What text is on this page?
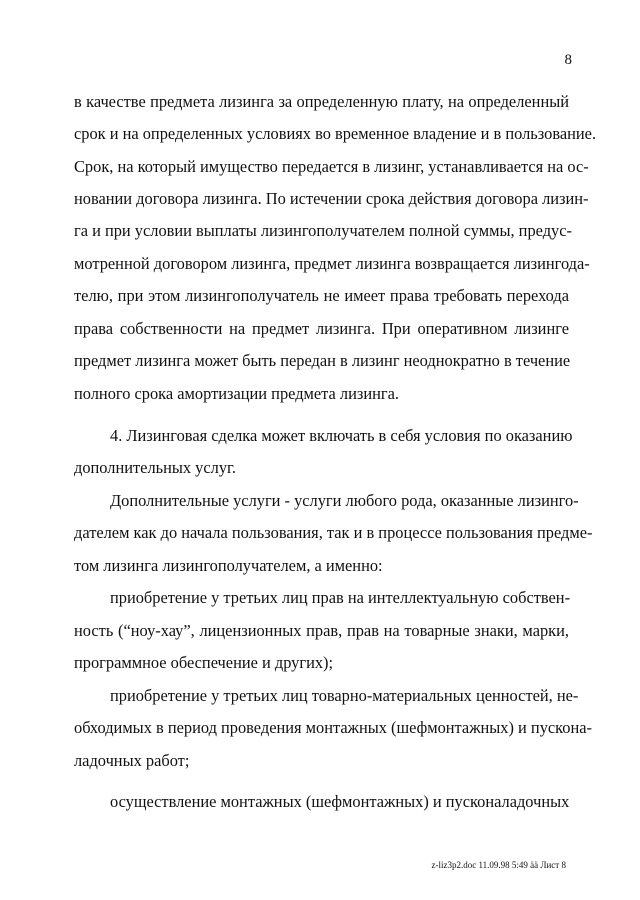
8
в качестве предмета лизинга за определенную плату, на определенный
срок и на определенных условиях во временное владение и в пользование.
Срок, на который имущество передается в лизинг, устанавливается на ос-
новании договора лизинга. По истечении срока действия договора лизин-
га и при условии выплаты лизингополучателем полной суммы, предус-
мотренной договором лизинга, предмет лизинга возвращается лизингода-
телю, при этом лизингополучатель не имеет права требовать перехода
права собственности на предмет лизинга. При оперативном лизинге
предмет лизинга может быть передан в лизинг неоднократно в течение
полного срока амортизации предмета лизинга.
4. Лизинговая сделка может включать в себя условия по оказанию
дополнительных услуг.
Дополнительные услуги - услуги любого рода, оказанные лизинго-
дателем как до начала пользования, так и в процессе пользования предме-
том лизинга лизингополучателем, а именно:
приобретение у третьих лиц прав на интеллектуальную собствен-
ность (“ноу-хау”, лицензионных прав, прав на товарные знаки, марки,
программное обеспечение и других);
приобретение у третьих лиц товарно-материальных ценностей, не-
обходимых в период проведения монтажных (шефмонтажных) и пускона-
ладочных работ;
осуществление монтажных (шефмонтажных) и пусконаладочных
z-liz3p2.doc 11.09.98 5:49 ää Лист 8
